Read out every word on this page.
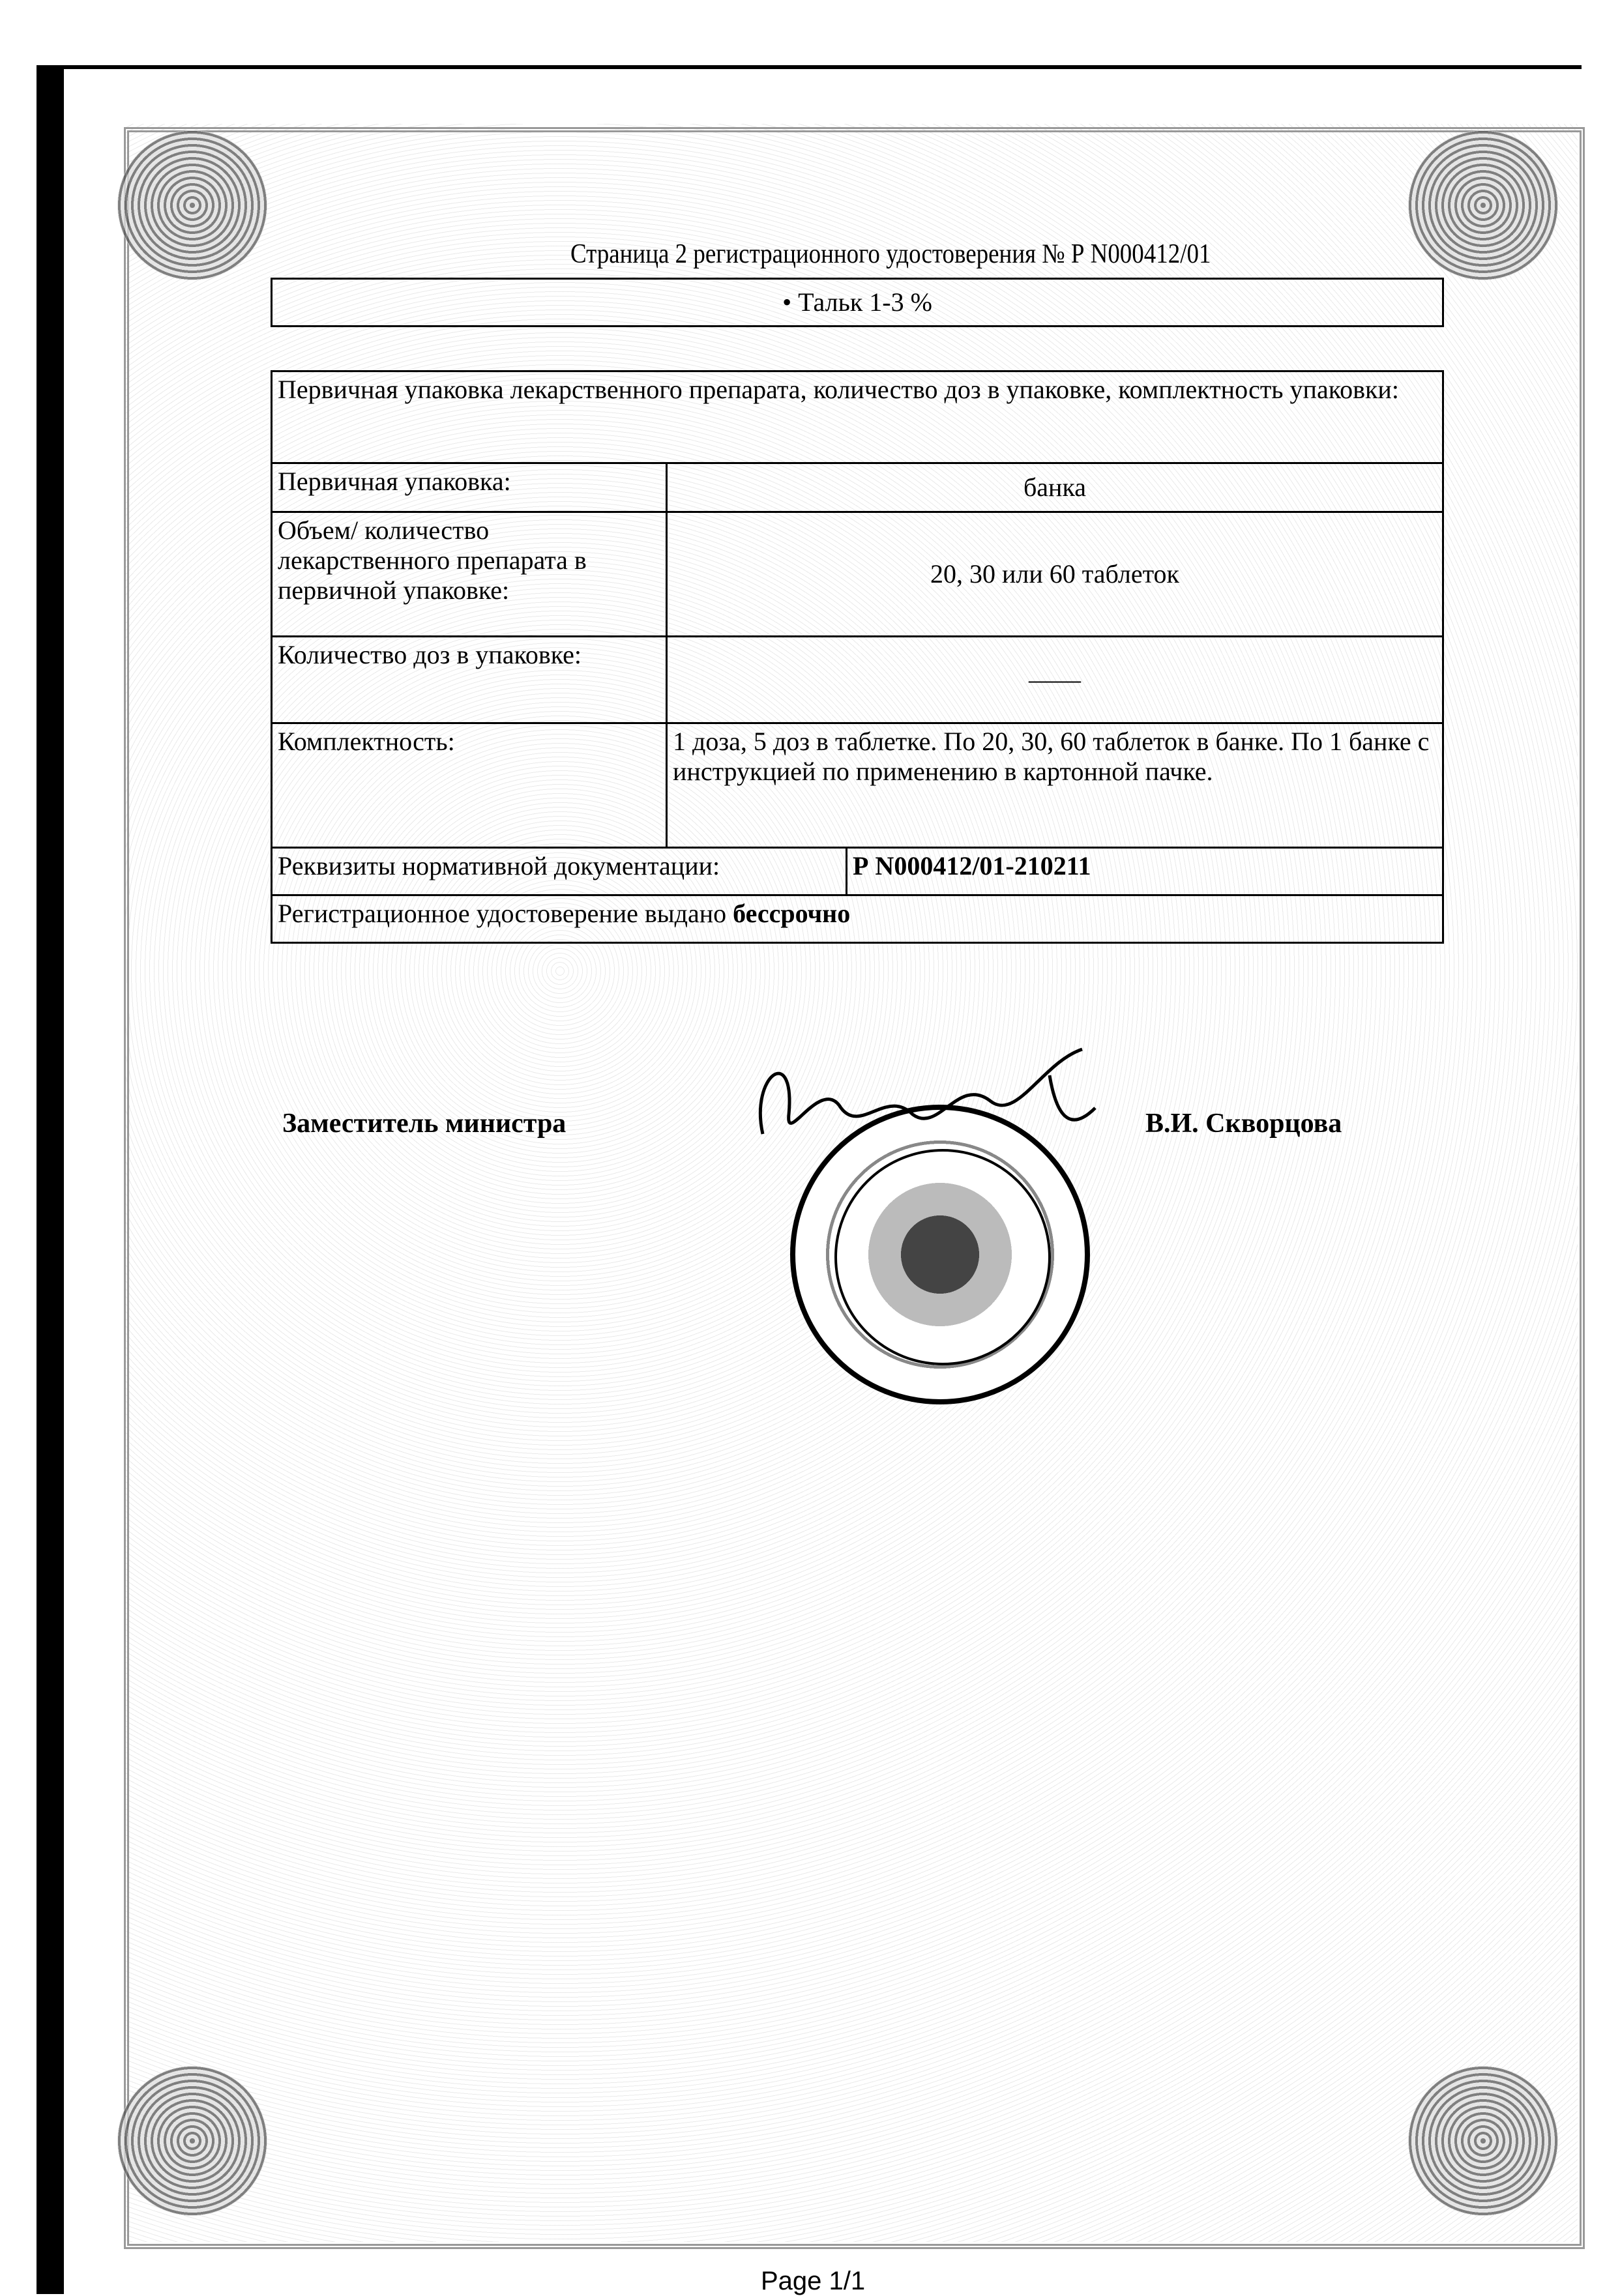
Страница 2 регистрационного удостоверения № Р N000412/01
• Тальк 1-3 %
Первичная упаковка лекарственного препарата, количество доз в упаковке, комплектность упаковки:		
Первичная упаковка:	банка	
Объем/ количество лекарственного препарата в первичной упаковке:	20, 30 или 60 таблеток	
Количество доз в упаковке:	——	
Комплектность:	1 доза, 5 доз в таблетке. По 20, 30, 60 таблеток в банке. По 1 банке с инструкцией по применению в картонной пачке.	
Реквизиты нормативной документации:		Р N000412/01-210211
Регистрационное удостоверение выдано бессрочно		
Заместитель министра	В.И. Скворцова
Page 1/1
